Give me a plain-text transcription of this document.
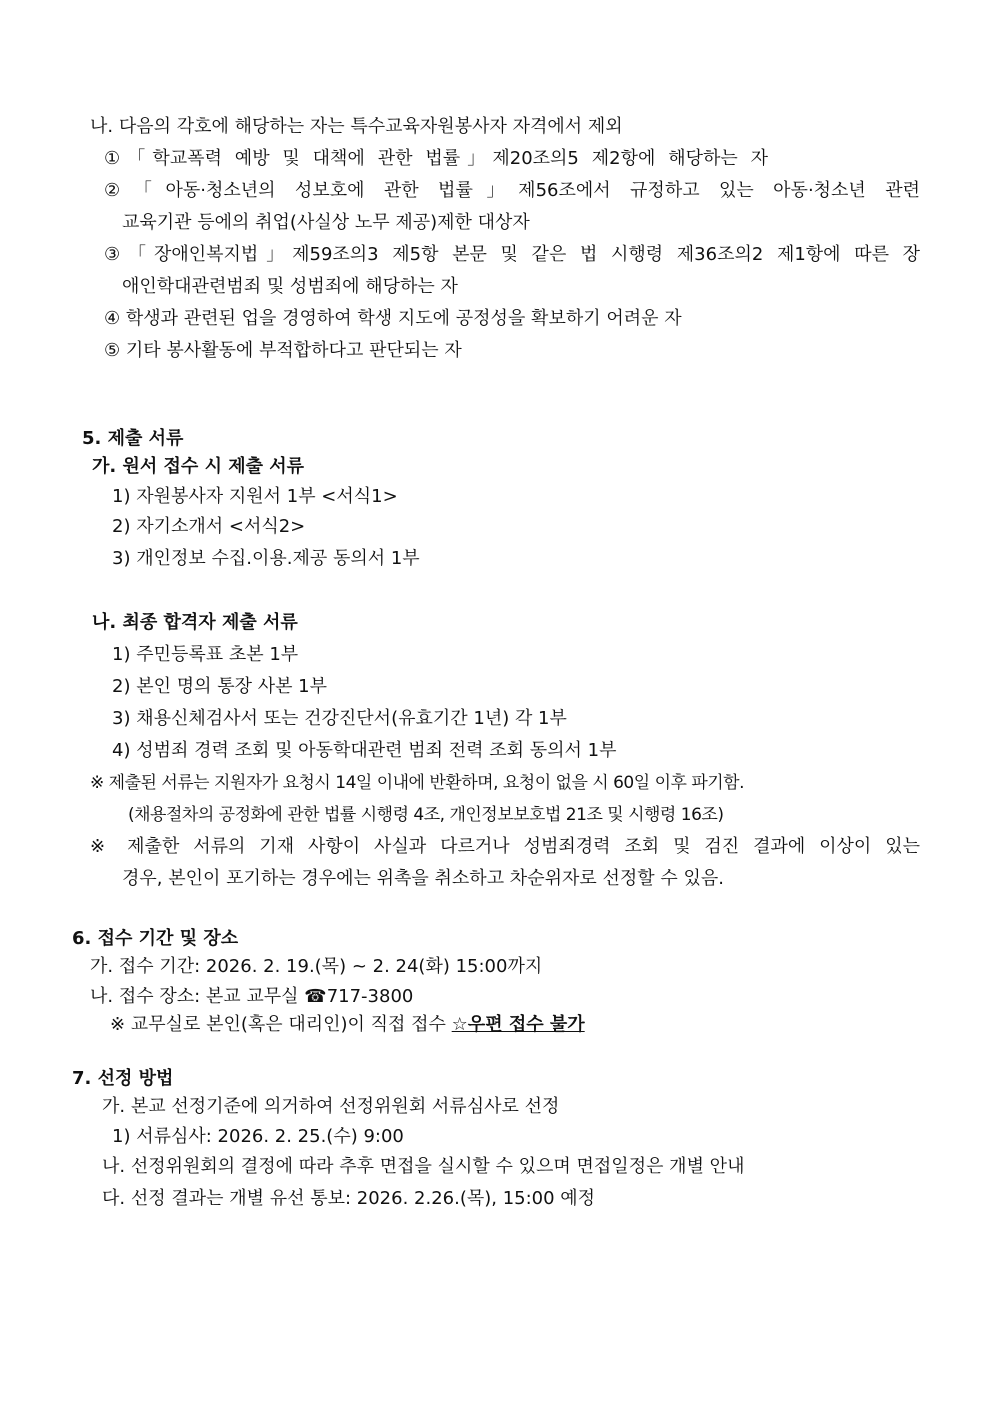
나. 다음의 각호에 해당하는 자는 특수교육자원봉사자 자격에서 제외
①「학교폭력 예방 및 대책에 관한 법률」제20조의5 제2항에 해당하는 자
②「아동·청소년의 성보호에 관한 법률」제56조에서 규정하고 있는 아동·청소년 관련
교육기관 등에의 취업(사실상 노무 제공)제한 대상자
③「장애인복지법」제59조의3 제5항 본문 및 같은 법 시행령 제36조의2 제1항에 따른 장
애인학대관련범죄 및 성범죄에 해당하는 자
④ 학생과 관련된 업을 경영하여 학생 지도에 공정성을 확보하기 어려운 자
⑤ 기타 봉사활동에 부적합하다고 판단되는 자
5. 제출 서류
가. 원서 접수 시 제출 서류
1) 자원봉사자 지원서 1부 <서식1>
2) 자기소개서 <서식2>
3) 개인정보 수집.이용.제공 동의서 1부
나. 최종 합격자 제출 서류
1) 주민등록표 초본 1부
2) 본인 명의 통장 사본 1부
3) 채용신체검사서 또는 건강진단서(유효기간 1년) 각 1부
4) 성범죄 경력 조회 및 아동학대관련 범죄 전력 조회 동의서 1부
※ 제출된 서류는 지원자가 요청시 14일 이내에 반환하며, 요청이 없을 시 60일 이후 파기함.
(채용절차의 공정화에 관한 법률 시행령 4조, 개인정보보호법 21조 및 시행령 16조)
※ 제출한 서류의 기재 사항이 사실과 다르거나 성범죄경력 조회 및 검진 결과에 이상이 있는
경우, 본인이 포기하는 경우에는 위촉을 취소하고 차순위자로 선정할 수 있음.
6. 접수 기간 및 장소
가. 접수 기간: 2026. 2. 19.(목) ~ 2. 24(화) 15:00까지
나. 접수 장소: 본교 교무실 ☎717-3800
※ 교무실로 본인(혹은 대리인)이 직접 접수 ☆우편 접수 불가
7. 선정 방법
가. 본교 선정기준에 의거하여 선정위원회 서류심사로 선정
1) 서류심사: 2026. 2. 25.(수) 9:00
나. 선정위원회의 결정에 따라 추후 면접을 실시할 수 있으며 면접일정은 개별 안내
다. 선정 결과는 개별 유선 통보: 2026. 2.26.(목), 15:00 예정
